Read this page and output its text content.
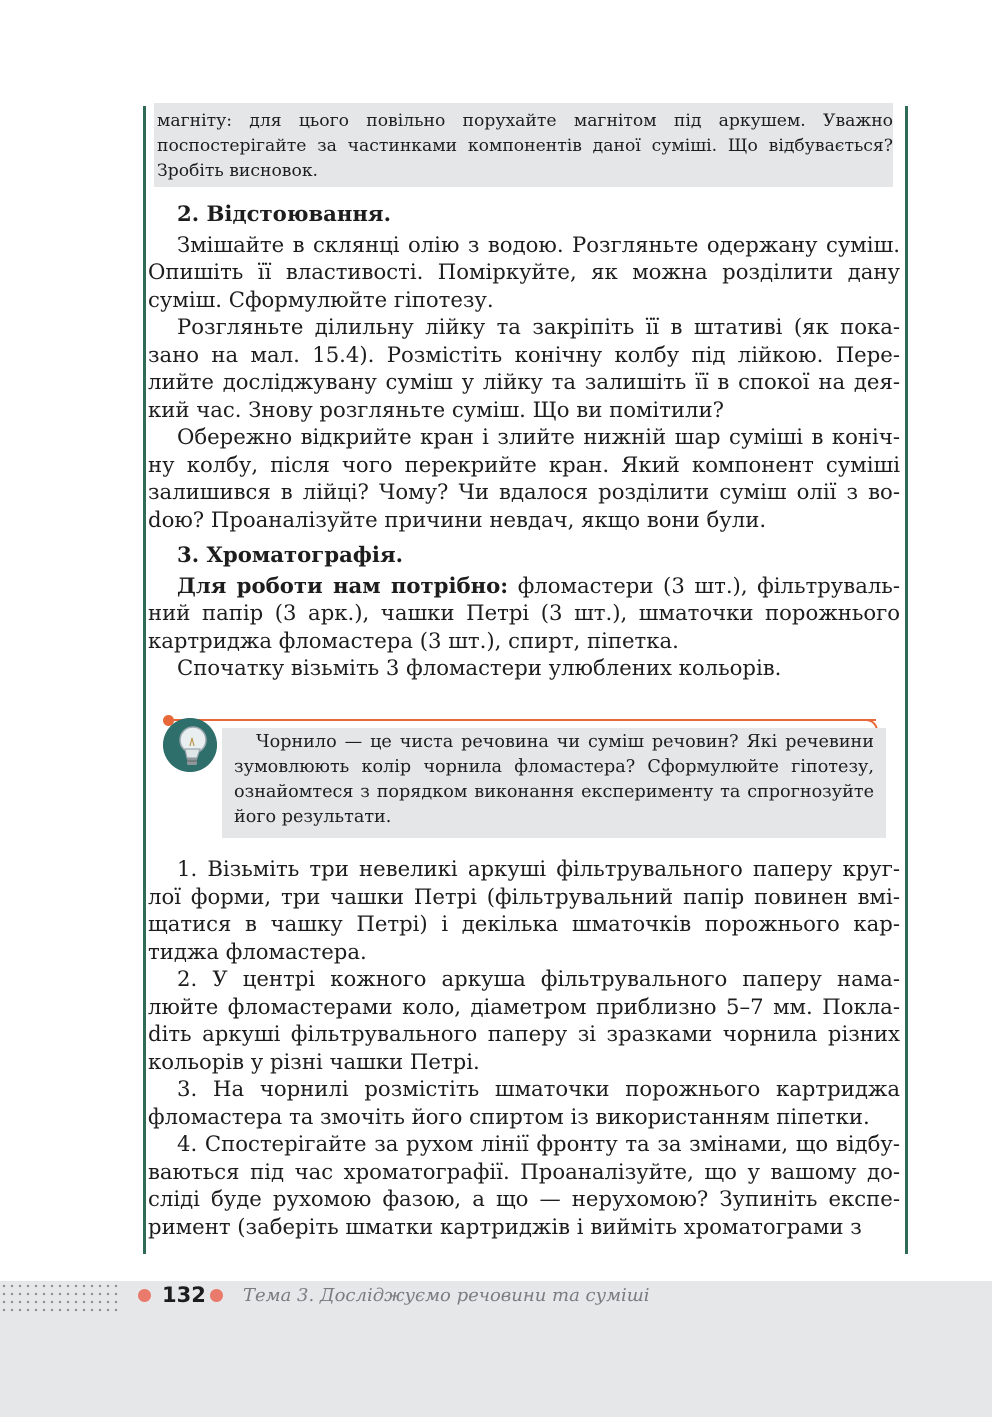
магніту: для цього повільно порухайте магнітом під аркушем. Уважно поспостерігайте за частинками компонентів даної суміші. Що відбувається? Зробіть висновок.

2. Відстоювання.

Змішайте в склянці олію з водою. Розгляньте одержану суміш. Опишіть її властивості. Поміркуйте, як можна розділити дану суміш. Сформулюйте гіпотезу.

Розгляньте ділильну лійку та закріпіть її в штативі (як показано на мал. 15.4). Розмістіть конічну колбу під лійкою. Перелийте досліджувану суміш у лійку та залишіть її в спокої на деякий час. Знову розгляньте суміш. Що ви помітили?

Обережно відкрийте кран і злийте нижній шар суміші в конічну колбу, після чого перекрийте кран. Який компонент суміші залишився в лійці? Чому? Чи вдалося розділити суміш олії з воdою? Проаналізуйте причини невдач, якщо вони були.

3. Хроматографія.

Для роботи нам потрібно: фломастери (3 шт.), фільтрувальний папір (3 арк.), чашки Петрі (3 шт.), шматочки порожнього картриджа фломастера (3 шт.), спирт, піпетка.

Спочатку візьміть 3 фломастери улюблених кольорів.

Чорнило — це чиста речовина чи суміш речовин? Які речевини зумовлюють колір чорнила фломастера? Сформулюйте гіпотезу, ознайомтеся з порядком виконання експерименту та спрогнозуйте його результати.

1. Візьміть три невеликі аркуші фільтрувального паперу круглої форми, три чашки Петрі (фільтрувальний папір повинен вміщатися в чашку Петрі) і декілька шматочків порожнього картиджа фломастера.

2. У центрі кожного аркуша фільтрувального паперу намалюйте фломастерами коло, діаметром приблизно 5–7 мм. Поклаdіть аркуші фільтрувального паперу зі зразками чорнила різних кольорів у різні чашки Петрі.

3. На чорнилі розмістіть шматочки порожнього картриджа фломастера та змочіть його спиртом із використанням піпетки.

4. Спостерігайте за рухом лінії фронту та за змінами, що відбуваються під час хроматографії. Проаналізуйте, що у вашому досліді буде рухомою фазою, а що — нерухомою? Зупиніть експеримент (заберіть шматки картриджів і вийміть хроматограми з

132 Тема 3. Досліджуємо речовини та суміші
